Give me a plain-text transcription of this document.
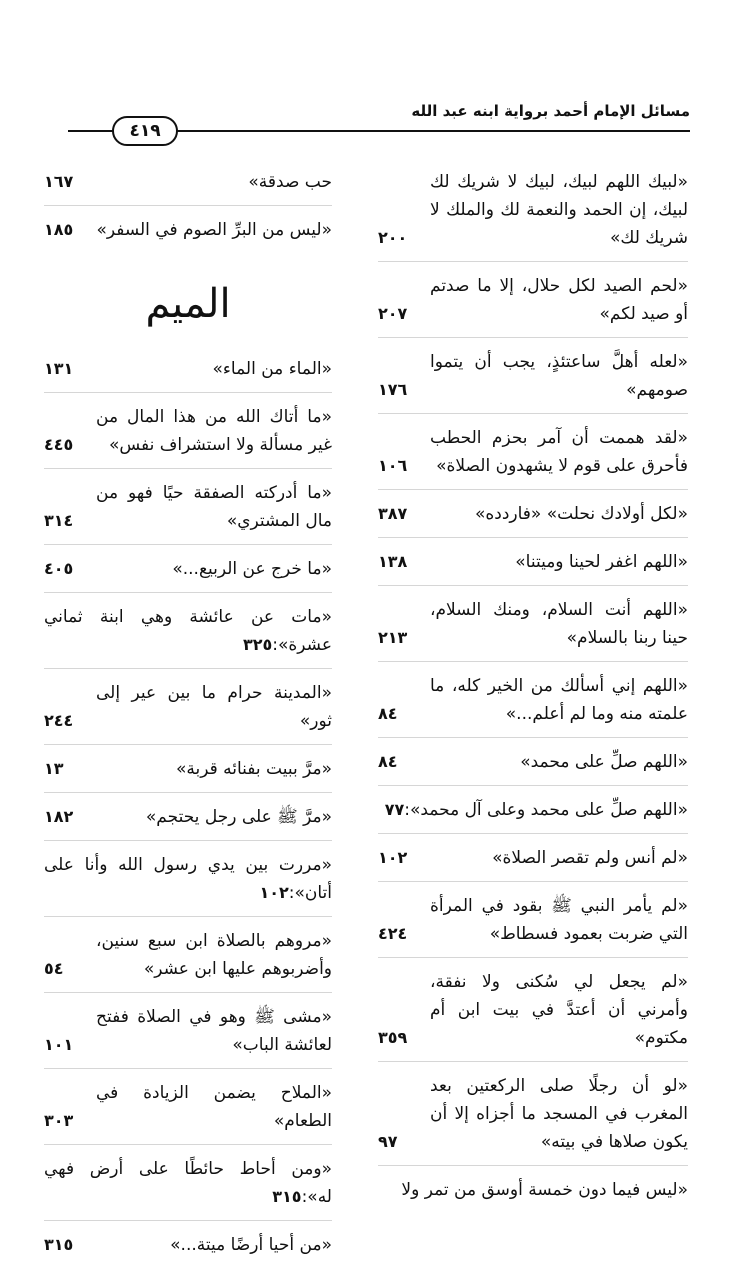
مسائل الإمام أحمد برواية ابنه عبد الله
٤١٩
«لبيك اللهم لبيك، لبيك لا شريك لك لبيك، إن الحمد والنعمة لك والملك لا شريك لك»
٢٠٠
«لحم الصيد لكل حلال، إلا ما صدتم أو صيد لكم»
٢٠٧
«لعله أهلَّ ساعتئذٍ، يجب أن يتموا صومهم»
١٧٦
«لقد هممت أن آمر بحزم الحطب فأحرق على قوم لا يشهدون الصلاة»
١٠٦
«لكل أولادك نحلت» «فاردده»
٣٨٧
«اللهم اغفر لحينا وميتنا»
١٣٨
«اللهم أنت السلام، ومنك السلام، حينا ربنا بالسلام»
٢١٣
«اللهم إني أسألك من الخير كله، ما علمته منه وما لم أعلم...»
٨٤
«اللهم صلِّ على محمد»
٨٤
«اللهم صلِّ على محمد وعلى آل محمد»:٧٧
«لم أنس ولم تقصر الصلاة»
١٠٢
«لم يأمر النبي ﷺ بقود في المرأة التي ضربت بعمود فسطاط»
٤٢٤
«لم يجعل لي سُكنى ولا نفقة، وأمرني أن أعتدَّ في بيت ابن أم مكتوم»
٣٥٩
«لو أن رجلًا صلى الركعتين بعد المغرب في المسجد ما أجزاه إلا أن يكون صلاها في بيته»
٩٧
«ليس فيما دون خمسة أوسق من تمر ولا
حب صدقة»
١٦٧
«ليس من البرِّ الصوم في السفر»
١٨٥
الميم
«الماء من الماء»
١٣١
«ما أتاك الله من هذا المال من غير مسألة ولا استشراف نفس»
٤٤٥
«ما أدركته الصفقة حيًا فهو من مال المشتري»
٣١٤
«ما خرج عن الربيع...»
٤٠٥
«مات عن عائشة وهي ابنة ثماني عشرة»:٣٢٥
«المدينة حرام ما بين عير إلى ثور»
٢٤٤
«مرَّ ببيت بفنائه قربة»
١٣
«مرَّ ﷺ على رجل يحتجم»
١٨٢
«مررت بين يدي رسول الله وأنا على أتان»:١٠٢
«مروهم بالصلاة ابن سبع سنين، وأضربوهم عليها ابن عشر»
٥٤
«مشى ﷺ وهو في الصلاة ففتح لعائشة الباب»
١٠١
«الملاح يضمن الزيادة في الطعام»
٣٠٣
«ومن أحاط حائطًا على أرض فهي له»:٣١٥
«من أحيا أرضًا ميتة...»
٣١٥
